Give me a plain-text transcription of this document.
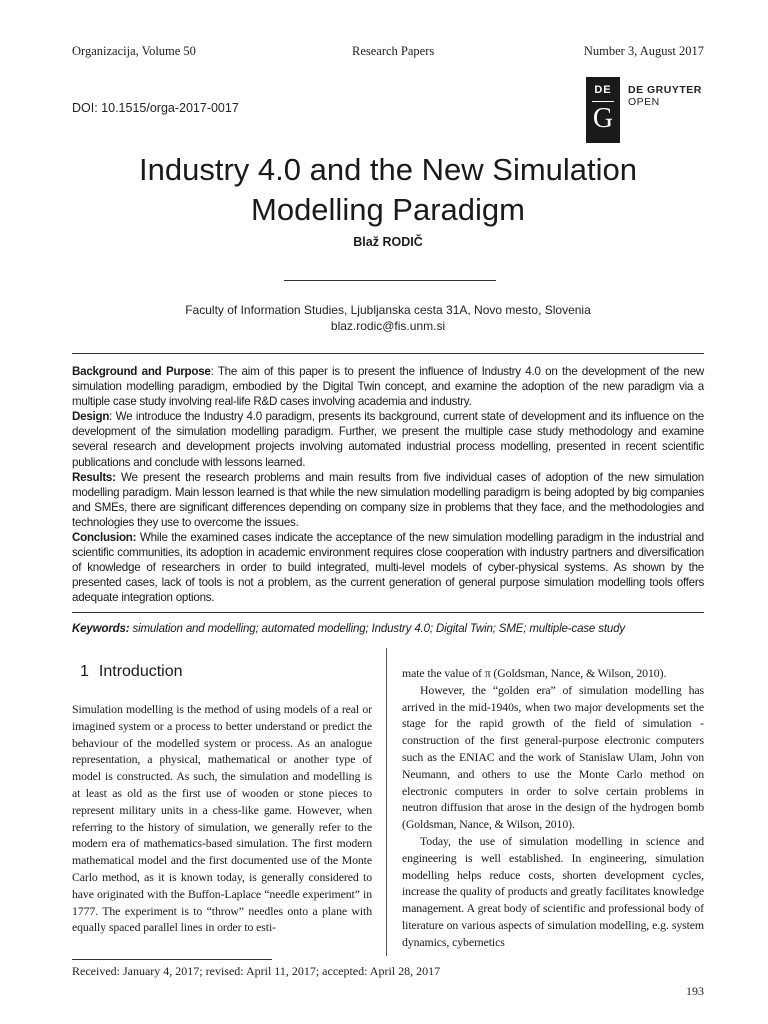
Organizacija, Volume 50	Research Papers	Number 3, August 2017
DOI: 10.1515/orga-2017-0017
DE
G
DE GRUYTER
OPEN
Industry 4.0 and the New Simulation
Modelling Paradigm
Blaž RODIČ
Faculty of Information Studies, Ljubljanska cesta 31A, Novo mesto, Slovenia
blaz.rodic@fis.unm.si

Background and Purpose: The aim of this paper is to present the influence of Industry 4.0 on the development of the new simulation modelling paradigm, embodied by the Digital Twin concept, and examine the adoption of the new paradigm via a multiple case study involving real-life R&D cases involving academia and industry.

Design: We introduce the Industry 4.0 paradigm, presents its background, current state of development and its influence on the development of the simulation modelling paradigm. Further, we present the multiple case study methodology and examine several research and development projects involving automated industrial process modelling, presented in recent scientific publications and conclude with lessons learned.

Results: We present the research problems and main results from five individual cases of adoption of the new simulation modelling paradigm. Main lesson learned is that while the new simulation modelling paradigm is being adopted by big companies and SMEs, there are significant differences depending on company size in problems that they face, and the methodologies and technologies they use to overcome the issues.

Conclusion: While the examined cases indicate the acceptance of the new simulation modelling paradigm in the industrial and scientific communities, its adoption in academic environment requires close cooperation with industry partners and diversification of knowledge of researchers in order to build integrated, multi-level models of cyber-physical systems. As shown by the presented cases, lack of tools is not a problem, as the current generation of general purpose simulation modelling tools offers adequate integration options.

Keywords: simulation and modelling; automated modelling; Industry 4.0; Digital Twin; SME; multiple-case study
1 Introduction

Simulation modelling is the method of using models of a real or imagined system or a process to better understand or predict the behaviour of the modelled system or process. As an analogue representation, a physical, mathematical or another type of model is constructed. As such, the simulation and modelling is at least as old as the first use of wooden or stone pieces to represent military units in a chess-like game. However, when referring to the history of simulation, we generally refer to the modern era of mathematics-based simulation. The first modern mathematical model and the first documented use of the Monte Carlo method, as it is known today, is generally considered to have originated with the Buffon-Laplace “needle experiment” in 1777. The experiment is to “throw” needles onto a plane with equally spaced parallel lines in order to esti-

mate the value of π (Goldsman, Nance, & Wilson, 2010).

However, the “golden era” of simulation modelling has arrived in the mid-1940s, when two major developments set the stage for the rapid growth of the field of simulation - construction of the first general-purpose electronic computers such as the ENIAC and the work of Stanislaw Ulam, John von Neumann, and others to use the Monte Carlo method on electronic computers in order to solve certain problems in neutron diffusion that arose in the design of the hydrogen bomb (Goldsman, Nance, & Wilson, 2010).

Today, the use of simulation modelling in science and engineering is well established. In engineering, simulation modelling helps reduce costs, shorten development cycles, increase the quality of products and greatly facilitates knowledge management. A great body of scientific and professional body of literature on various aspects of simulation modelling, e.g. system dynamics, cybernetics

Received: January 4, 2017; revised: April 11, 2017; accepted: April 28, 2017
193
